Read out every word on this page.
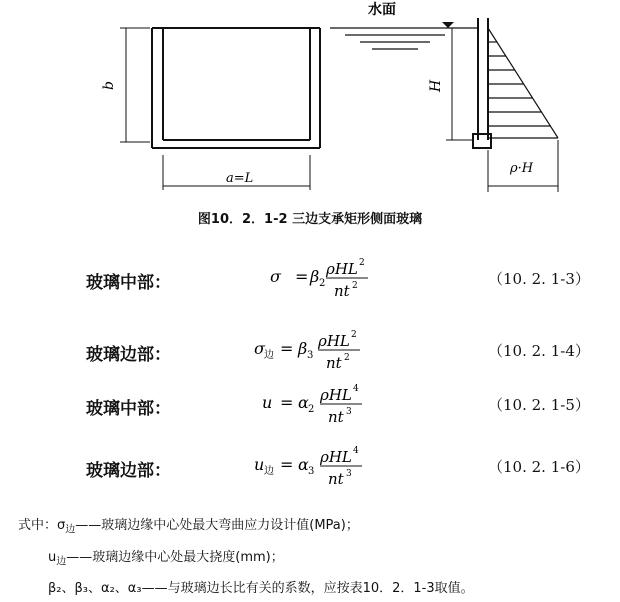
水面
b	H
a=L
ρ·H
图10．2．1-2 三边支承矩形侧面玻璃
玻璃中部：	σ = β 2
ρHL 2
nt 2	（10. 2. 1-3）
玻璃边部：	σ 边 = β 3
ρHL 2
nt 2	（10. 2. 1-4）
玻璃中部：	u = α 2
ρHL 4
nt 3	（10. 2. 1-5）
玻璃边部：	u 边 = α 3
ρHL 4
nt 3	（10. 2. 1-6）
式中：$\sigma_边——$玻璃边缘中心处最大弯曲应力设计值(MPa)；
$u_边——$玻璃边缘中心处最大挠度(mm)；
β₂、β₃、α₂、α₃——与玻璃边长比有关的系数，应按表10．2．1-3取值。
